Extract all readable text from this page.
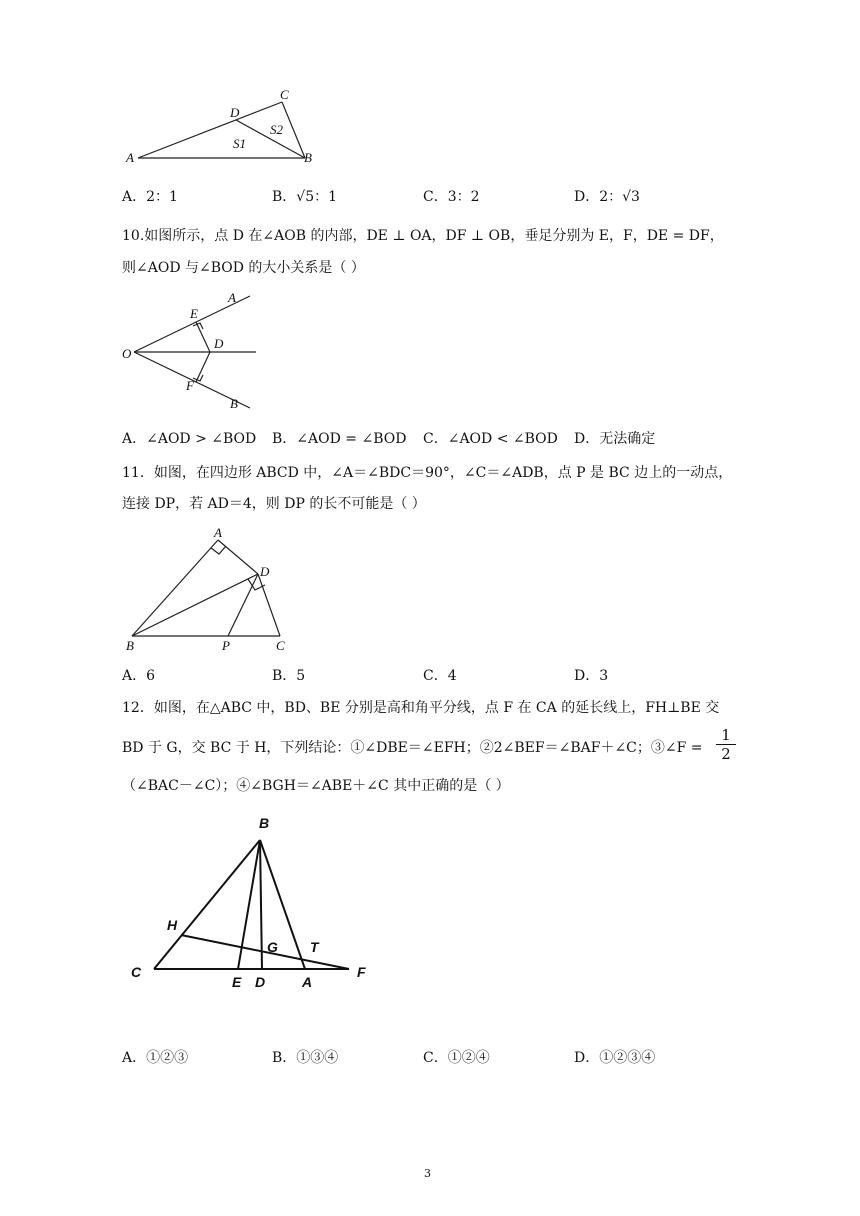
A	B
C
D
S1
S2
A．2：1	B．√5：1	C．3：2	D．2：√3
10.如图所示，点 D 在∠AOB 的内部，DE ⊥ OA，DF ⊥ OB，垂足分别为 E，F，DE = DF，
则∠AOD 与∠BOD 的大小关系是（ ）
O
E
A
D
F
B
A．∠AOD > ∠BOD B．∠AOD = ∠BOD C．∠AOD < ∠BOD D．无法确定
11．如图，在四边形 ABCD 中，∠A＝∠BDC＝90°，∠C＝∠ADB，点 P 是 BC 边上的一动点，
连接 DP，若 AD＝4，则 DP 的长不可能是（ ）
A
D
B	P	C
A．6	B．5	C．4	D．3
12．如图，在△ABC 中，BD、BE 分别是高和角平分线，点 F 在 CA 的延长线上，FH⊥BE 交
BD 于 G，交 BC 于 H，下列结论：①∠DBE＝∠EFH；②2∠BEF＝∠BAF＋∠C；③∠F = $\frac{1}{2}$
（∠BAC－∠C）；④∠BGH＝∠ABE＋∠C 其中正确的是（ ）
B
H
G T
C
E D	A
F
A．①②③	B．①③④	C．①②④	D．①②③④
3
